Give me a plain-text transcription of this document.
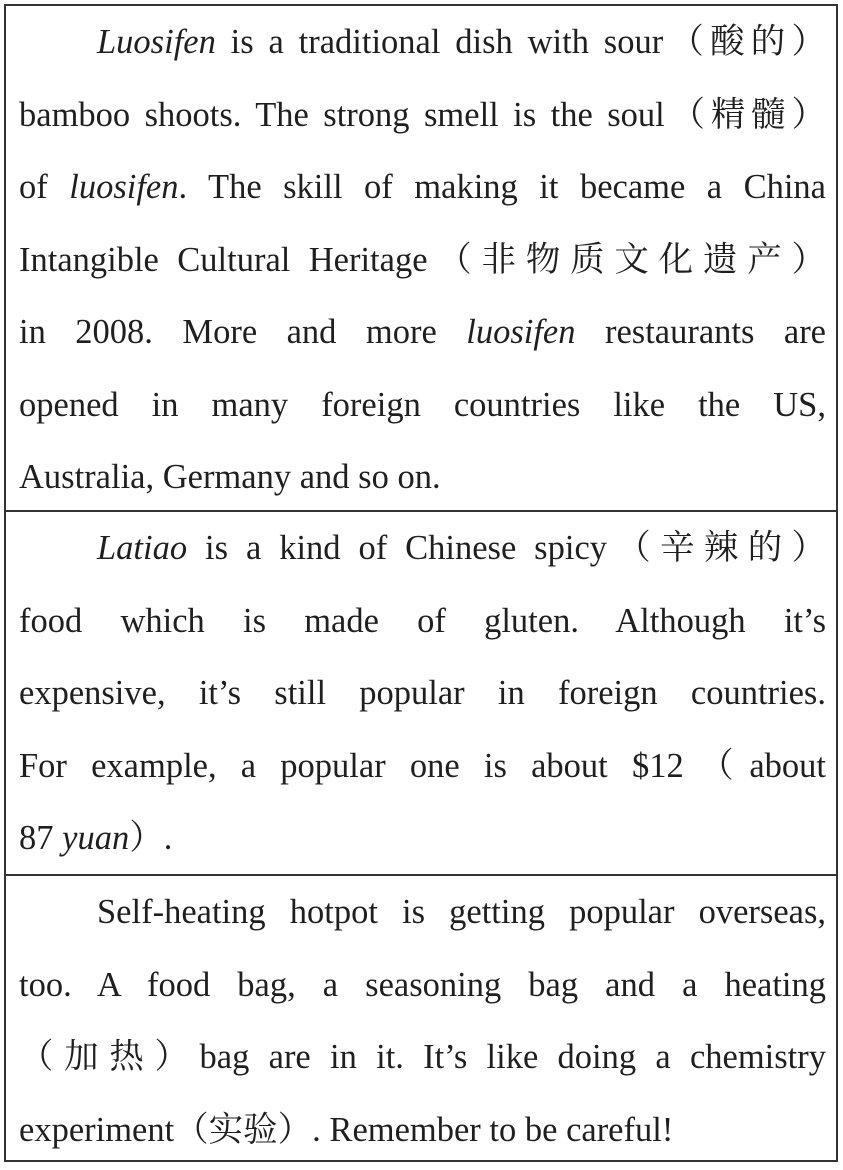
Luosifen is a traditional dish with sour（酸的）
bamboo shoots. The strong smell is the soul（精髓）
of luosifen. The skill of making it became a China
Intangible Cultural Heritage（非物质文化遗产）
in 2008. More and more luosifen restaurants are
opened in many foreign countries like the US,
Australia, Germany and so on.
Latiao is a kind of Chinese spicy（辛辣的）
food which is made of gluten. Although it’s
expensive, it’s still popular in foreign countries.
For example, a popular one is about $12（about
87 yuan）.
Self-heating hotpot is getting popular overseas,
too. A food bag, a seasoning bag and a heating
（加热）bag are in it. It’s like doing a chemistry
experiment（实验）. Remember to be careful!
